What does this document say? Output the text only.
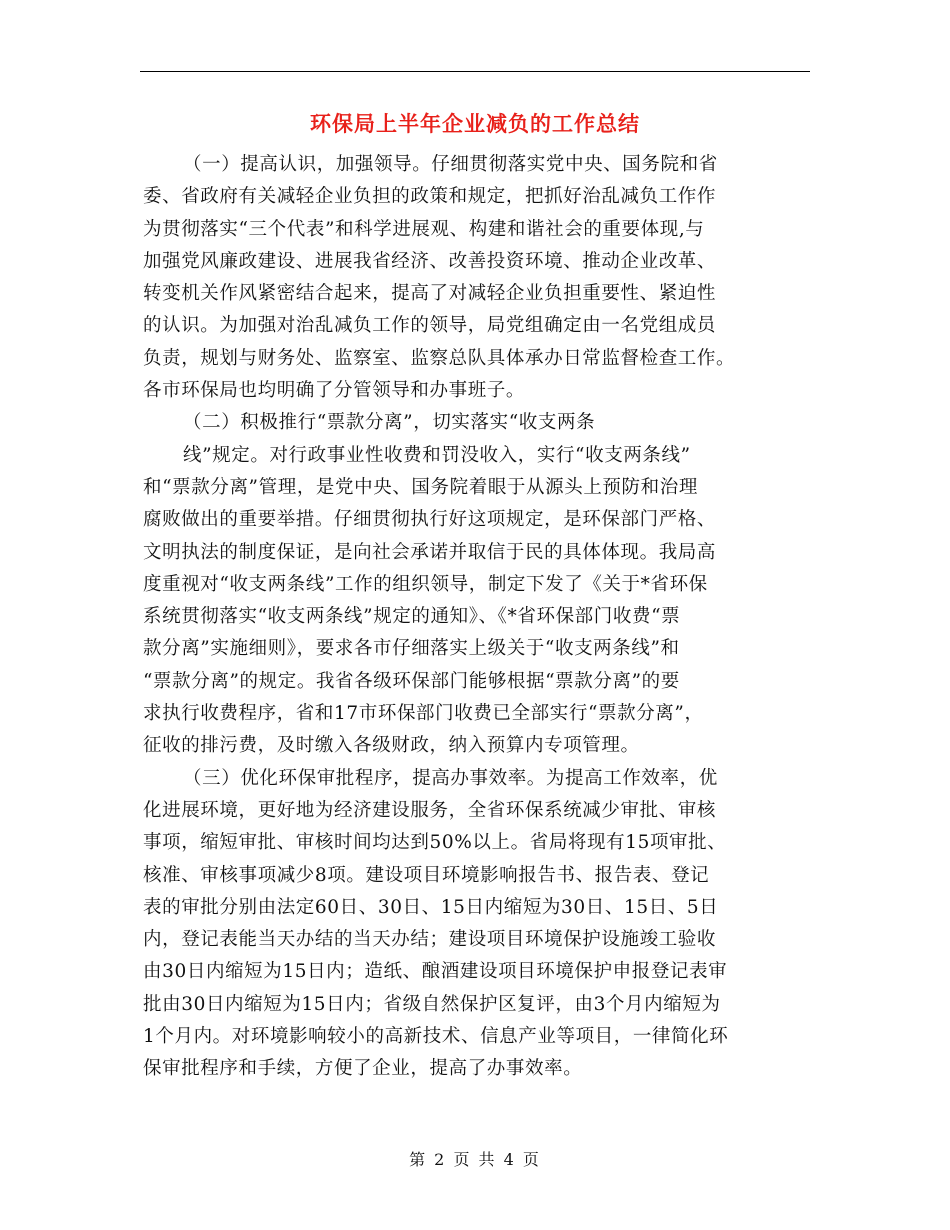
环保局上半年企业减负的工作总结
（一）提高认识，加强领导。仔细贯彻落实党中央、国务院和省
委、省政府有关减轻企业负担的政策和规定，把抓好治乱减负工作作
为贯彻落实“三个代表”和科学进展观、构建和谐社会的重要体现,与
加强党风廉政建设、进展我省经济、改善投资环境、推动企业改革、
转变机关作风紧密结合起来，提高了对减轻企业负担重要性、紧迫性
的认识。为加强对治乱减负工作的领导，局党组确定由一名党组成员
负责，规划与财务处、监察室、监察总队具体承办日常监督检查工作。
各市环保局也均明确了分管领导和办事班子。
（二）积极推行“票款分离”，切实落实“收支两条
线”规定。对行政事业性收费和罚没收入，实行“收支两条线”
和“票款分离”管理，是党中央、国务院着眼于从源头上预防和治理
腐败做出的重要举措。仔细贯彻执行好这项规定，是环保部门严格、
文明执法的制度保证，是向社会承诺并取信于民的具体体现。我局高
度重视对“收支两条线”工作的组织领导，制定下发了《关于*省环保
系统贯彻落实“收支两条线”规定的通知》、《*省环保部门收费“票
款分离”实施细则》，要求各市仔细落实上级关于“收支两条线”和
“票款分离”的规定。我省各级环保部门能够根据“票款分离”的要
求执行收费程序，省和17市环保部门收费已全部实行“票款分离”，
征收的排污费，及时缴入各级财政，纳入预算内专项管理。
（三）优化环保审批程序，提高办事效率。为提高工作效率，优
化进展环境，更好地为经济建设服务，全省环保系统减少审批、审核
事项，缩短审批、审核时间均达到50%以上。省局将现有15项审批、
核准、审核事项减少8项。建设项目环境影响报告书、报告表、登记
表的审批分别由法定60日、30日、15日内缩短为30日、15日、5日
内，登记表能当天办结的当天办结；建设项目环境保护设施竣工验收
由30日内缩短为15日内；造纸、酿酒建设项目环境保护申报登记表审
批由30日内缩短为15日内；省级自然保护区复评，由3个月内缩短为
1个月内。对环境影响较小的高新技术、信息产业等项目，一律简化环
保审批程序和手续，方便了企业，提高了办事效率。
第 2 页 共 4 页
